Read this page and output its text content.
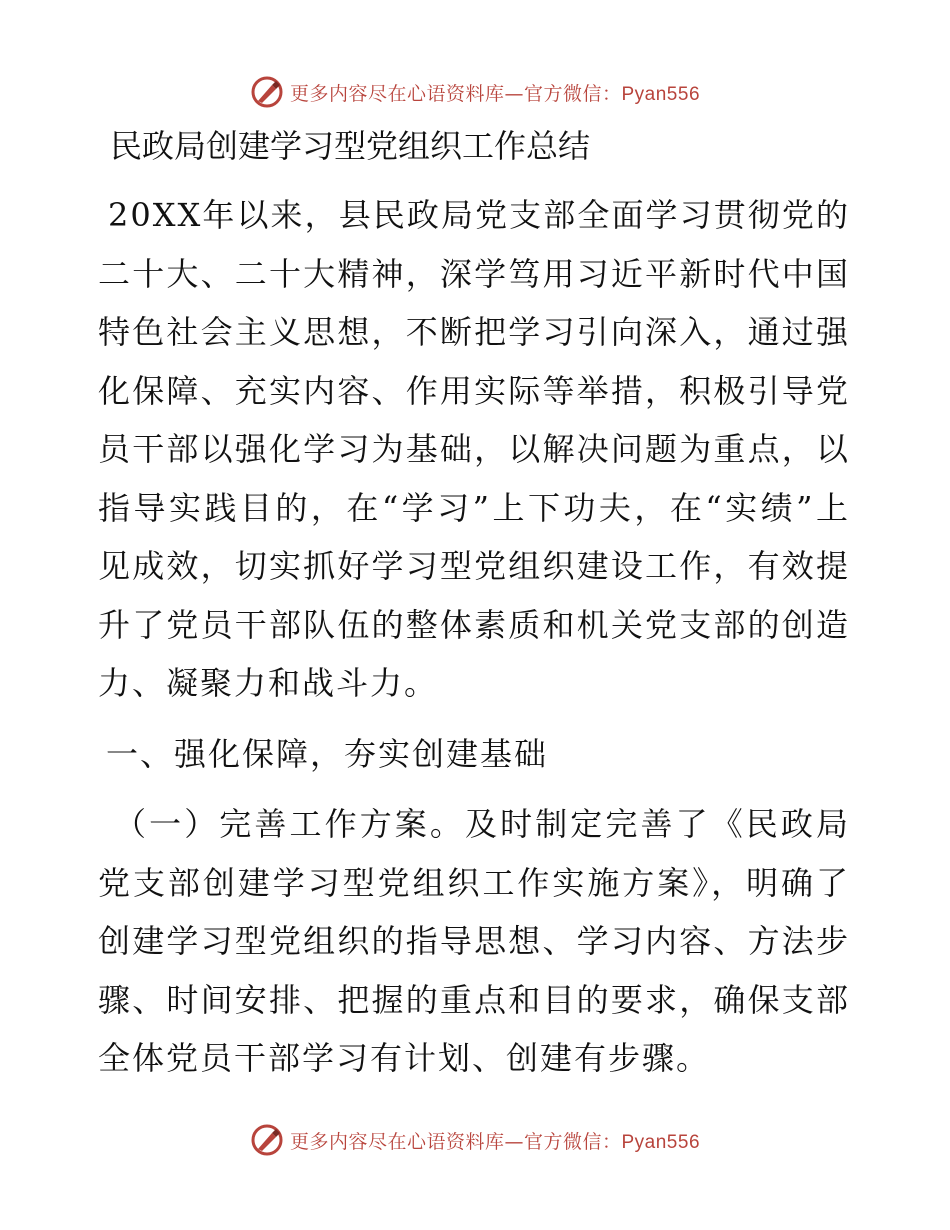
更多内容尽在心语资料库—官方微信：Pyan556
民政局创建学习型党组织工作总结

20XX年以来，县民政局党支部全面学习贯彻党的二十大、二十大精神，深学笃用习近平新时代中国特色社会主义思想，不断把学习引向深入，通过强化保障、充实内容、作用实际等举措，积极引导党员干部以强化学习为基础，以解决问题为重点，以指导实践目的，在“学习”上下功夫，在“实绩”上见成效，切实抓好学习型党组织建设工作，有效提升了党员干部队伍的整体素质和机关党支部的创造力、凝聚力和战斗力。

一、强化保障，夯实创建基础

（一）完善工作方案。及时制定完善了《民政局党支部创建学习型党组织工作实施方案》，明确了创建学习型党组织的指导思想、学习内容、方法步骤、时间安排、把握的重点和目的要求，确保支部全体党员干部学习有计划、创建有步骤。

更多内容尽在心语资料库—官方微信：Pyan556
